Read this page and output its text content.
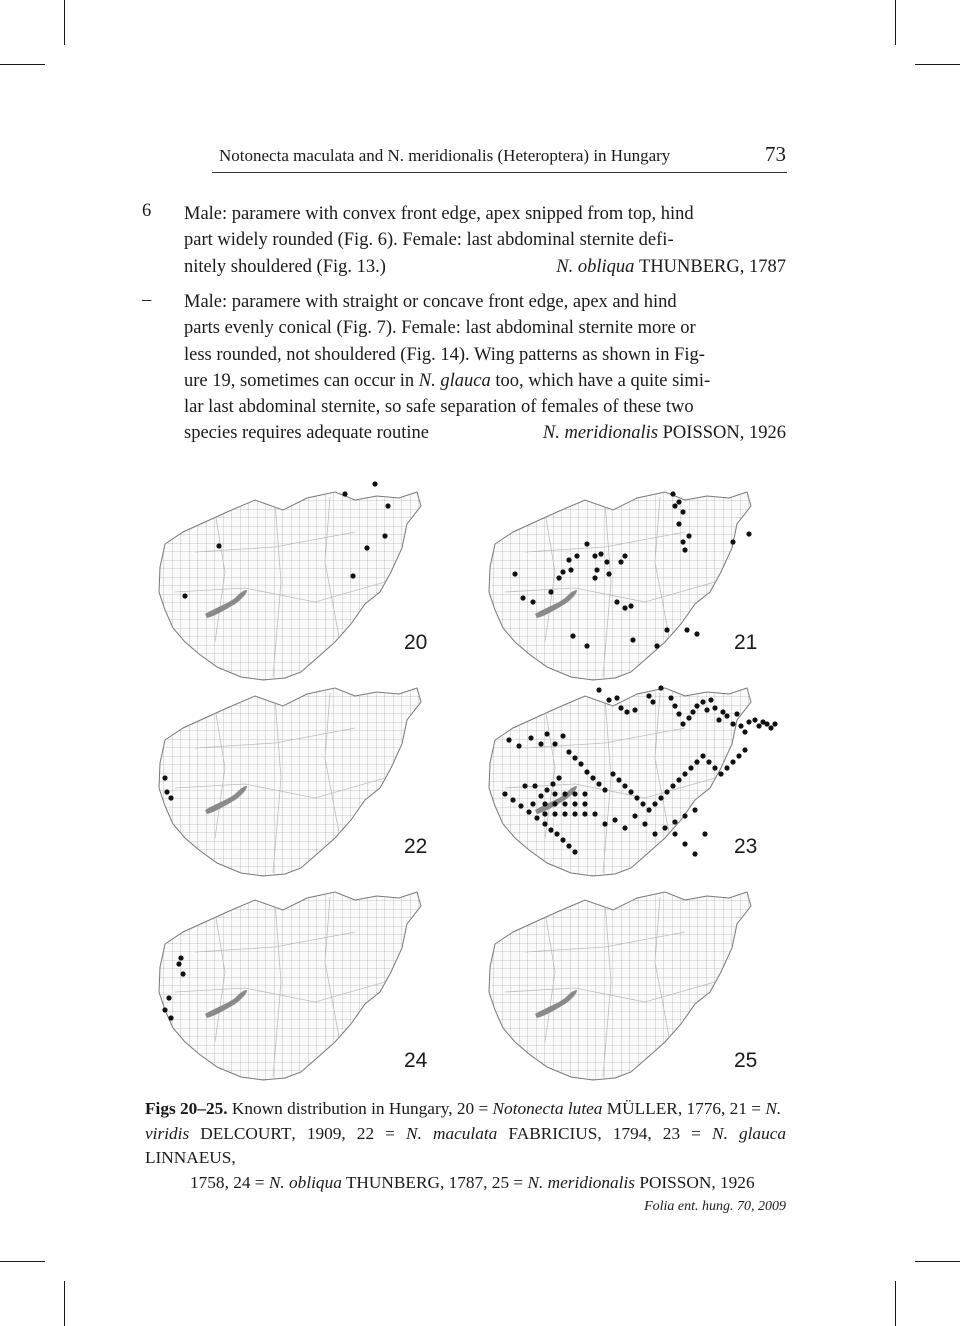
Notonecta maculata and N. meridionalis (Heteroptera) in Hungary	73
6 Male: paramere with convex front edge, apex snipped from top, hind
part widely rounded (Fig. 6). Female: last abdominal sternite defi-
nitely shouldered (Fig. 13.)	N. obliqua THUNBERG, 1787
– Male: paramere with straight or concave front edge, apex and hind
parts evenly conical (Fig. 7). Female: last abdominal sternite more or
less rounded, not shouldered (Fig. 14). Wing patterns as shown in Fig-
ure 19, sometimes can occur in N. glauca too, which have a quite simi-
lar last abdominal sternite, so safe separation of females of these two
species requires adequate routine	N. meridionalis POISSON, 1926
20	21
22	23
24	25
Figs 20–25. Known distribution in Hungary, 20 = Notonecta lutea MÜLLER, 1776, 21 = N.
viridis DELCOURT, 1909, 22 = N. maculata FABRICIUS, 1794, 23 = N. glauca LINNAEUS,
1758, 24 = N. obliqua THUNBERG, 1787, 25 = N. meridionalis POISSON, 1926
Folia ent. hung. 70, 2009
